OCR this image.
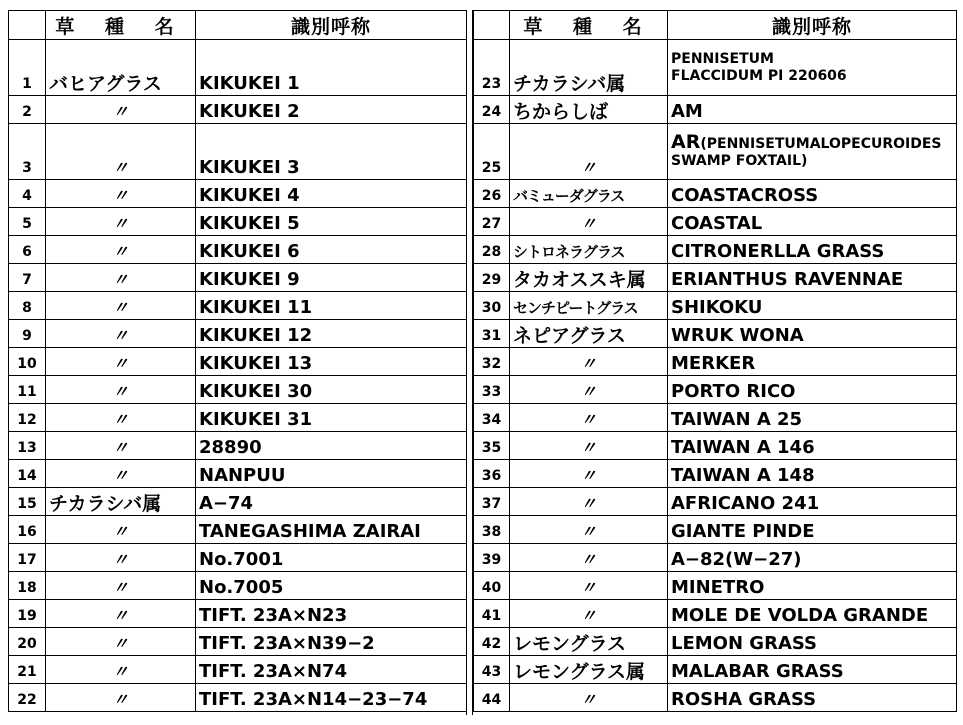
	草 種 名	識別呼称
1	バヒアグラス	KIKUKEI 1
2	〃	KIKUKEI 2
3	〃	KIKUKEI 3
4	〃	KIKUKEI 4
5	〃	KIKUKEI 5
6	〃	KIKUKEI 6
7	〃	KIKUKEI 9
8	〃	KIKUKEI 11
9	〃	KIKUKEI 12
10	〃	KIKUKEI 13
11	〃	KIKUKEI 30
12	〃	KIKUKEI 31
13	〃	28890
14	〃	NANPUU
15	チカラシバ属	A−74
16	〃	TANEGASHIMA ZAIRAI
17	〃	No.7001
18	〃	No.7005
19	〃	TIFT. 23A×N23
20	〃	TIFT. 23A×N39−2
21	〃	TIFT. 23A×N74
22	〃	TIFT. 23A×N14−23−74
	草 種 名	識別呼称
23	チカラシバ属	PENNISETUM
FLACCIDUM PI 220606
24	ちからしば	AM
25	〃	AR(PENNISETUMALOPECUROIDES
SWAMP FOXTAIL)
26	バミューダグラス	COASTACROSS
27	〃	COASTAL
28	シトロネラグラス	CITRONERLLA GRASS
29	タカオススキ属	ERIANTHUS RAVENNAE
30	センチピートグラス	SHIKOKU
31	ネピアグラス	WRUK WONA
32	〃	MERKER
33	〃	PORTO RICO
34	〃	TAIWAN A 25
35	〃	TAIWAN A 146
36	〃	TAIWAN A 148
37	〃	AFRICANO 241
38	〃	GIANTE PINDE
39	〃	A−82(W−27)
40	〃	MINETRO
41	〃	MOLE DE VOLDA GRANDE
42	レモングラス	LEMON GRASS
43	レモングラス属	MALABAR GRASS
44	〃	ROSHA GRASS
